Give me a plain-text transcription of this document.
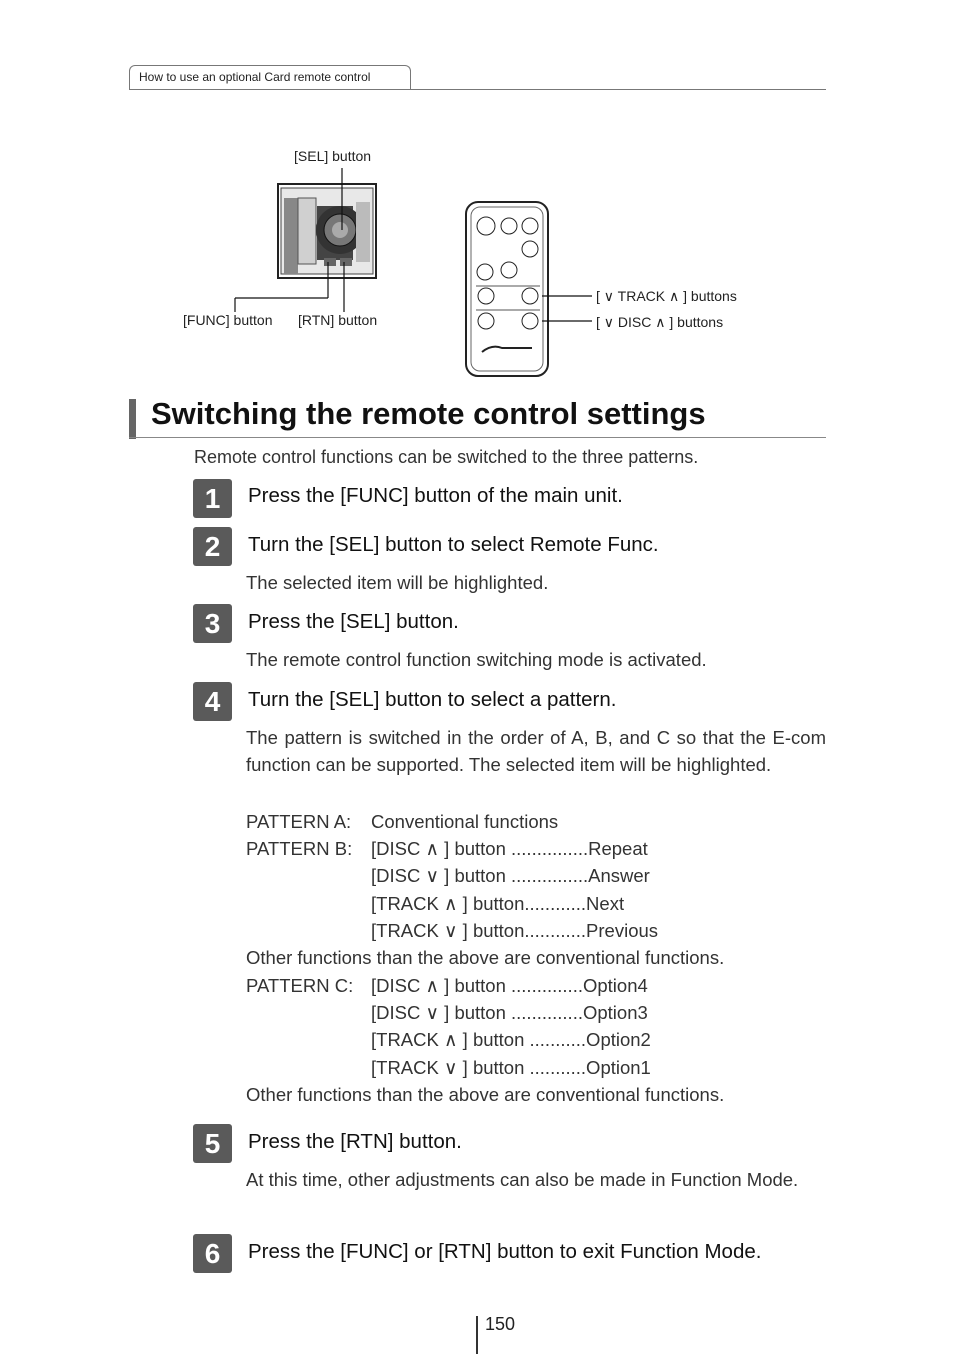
How to use an optional Card remote control
[SEL] button
[FUNC] button [RTN] button
[ ∨ TRACK ∧ ] buttons
[ ∨ DISC ∧ ] buttons
Switching the remote control settings
Remote control functions can be switched to the three patterns.
1	Press the [FUNC] button of the main unit.
2	Turn the [SEL] button to select Remote Func.
The selected item will be highlighted.
3	Press the [SEL] button.
The remote control function switching mode is activated.
4	Turn the [SEL] button to select a pattern.
The pattern is switched in the order of A, B, and C so that the E-com function can be supported. The selected item will be highlighted.
PATTERN A: Conventional functions
PATTERN B: [DISC ∧ ] button ...............Repeat
[DISC ∨ ] button ...............Answer
[TRACK ∧ ] button............Next
[TRACK ∨ ] button............Previous
Other functions than the above are conventional functions.
PATTERN C: [DISC ∧ ] button ..............Option4
[DISC ∨ ] button ..............Option3
[TRACK ∧ ] button ...........Option2
[TRACK ∨ ] button ...........Option1
Other functions than the above are conventional functions.
5	Press the [RTN] button.
At this time, other adjustments can also be made in Function Mode.
6	Press the [FUNC] or [RTN] button to exit Function Mode.
150
